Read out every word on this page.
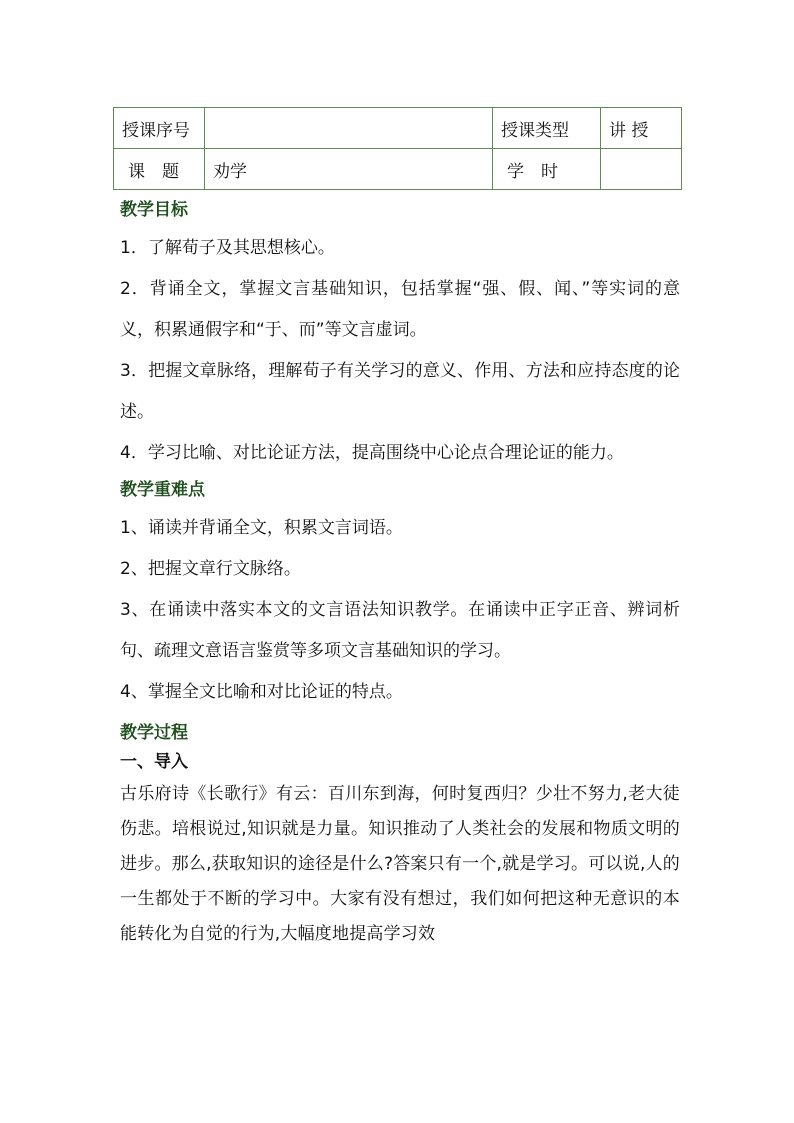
授课序号		授课类型	讲 授
课　题	劝学	学　时	

教学目标

1．了解荀子及其思想核心。

2．背诵全文，掌握文言基础知识，包括掌握“强、假、闻、”等实词的意义，积累通假字和“于、而”等文言虚词。

3．把握文章脉络，理解荀子有关学习的意义、作用、方法和应持态度的论述。

4．学习比喻、对比论证方法，提高围绕中心论点合理论证的能力。

教学重难点

1、诵读并背诵全文，积累文言词语。

2、把握文章行文脉络。

3、在诵读中落实本文的文言语法知识教学。在诵读中正字正音、辨词析句、疏理文意语言鉴赏等多项文言基础知识的学习。

4、掌握全文比喻和对比论证的特点。

教学过程

一、导入

古乐府诗《长歌行》有云：百川东到海，何时复西归？少壮不努力,老大徒伤悲。培根说过,知识就是力量。知识推动了人类社会的发展和物质文明的进步。那么,获取知识的途径是什么?答案只有一个,就是学习。可以说,人的一生都处于不断的学习中。大家有没有想过，我们如何把这种无意识的本能转化为自觉的行为,大幅度地提高学习效
